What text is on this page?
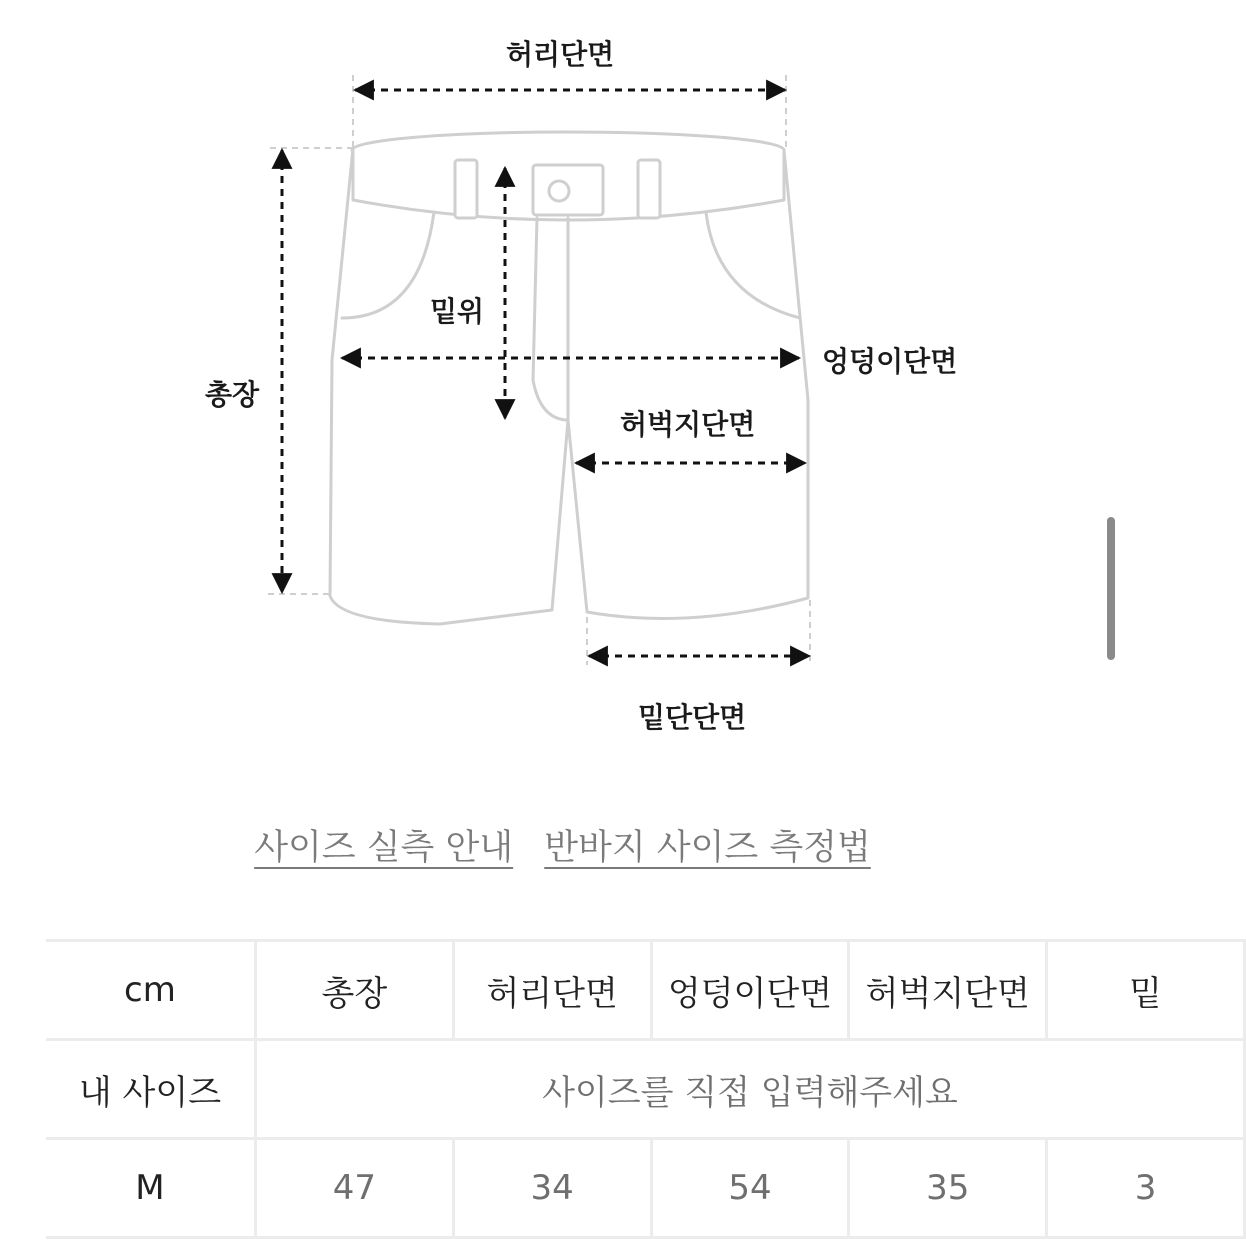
허리단면
밑위
총장
엉덩이단면
허벅지단면
밑단단면
사이즈 실측 안내 반바지 사이즈 측정법
cm	총장	허리단면	엉덩이단면	허벅지단면	밑
내 사이즈	사이즈를 직접 입력해주세요				
M	47	34	54	35	3
